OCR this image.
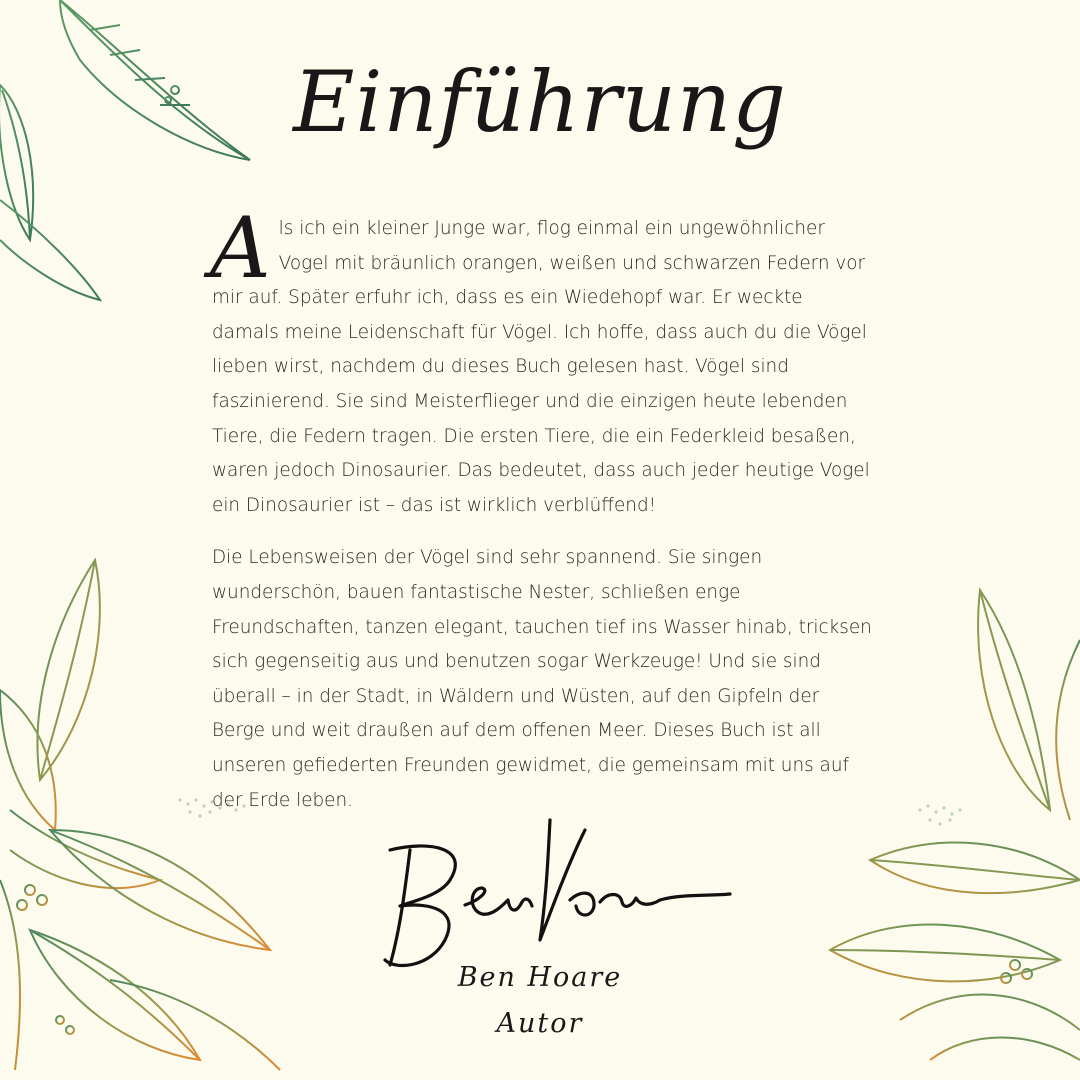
Einführung

Als ich ein kleiner Junge war, flog einmal ein ungewöhnlicher Vogel mit bräunlich orangen, weißen und schwarzen Federn vor mir auf. Später erfuhr ich, dass es ein Wiedehopf war. Er weckte damals meine Leidenschaft für Vögel. Ich hoffe, dass auch du die Vögel lieben wirst, nachdem du dieses Buch gelesen hast. Vögel sind faszinierend. Sie sind Meisterflieger und die einzigen heute lebenden Tiere, die Federn tragen. Die ersten Tiere, die ein Federkleid besaßen, waren jedoch Dinosaurier. Das bedeutet, dass auch jeder heutige Vogel ein Dinosaurier ist – das ist wirklich verblüffend!

Die Lebensweisen der Vögel sind sehr spannend. Sie singen wunderschön, bauen fantastische Nester, schließen enge Freundschaften, tanzen elegant, tauchen tief ins Wasser hinab, tricksen sich gegenseitig aus und benutzen sogar Werkzeuge! Und sie sind überall – in der Stadt, in Wäldern und Wüsten, auf den Gipfeln der Berge und weit draußen auf dem offenen Meer. Dieses Buch ist all unseren gefiederten Freunden gewidmet, die gemeinsam mit uns auf der Erde leben.

Ben Hoare
Autor
